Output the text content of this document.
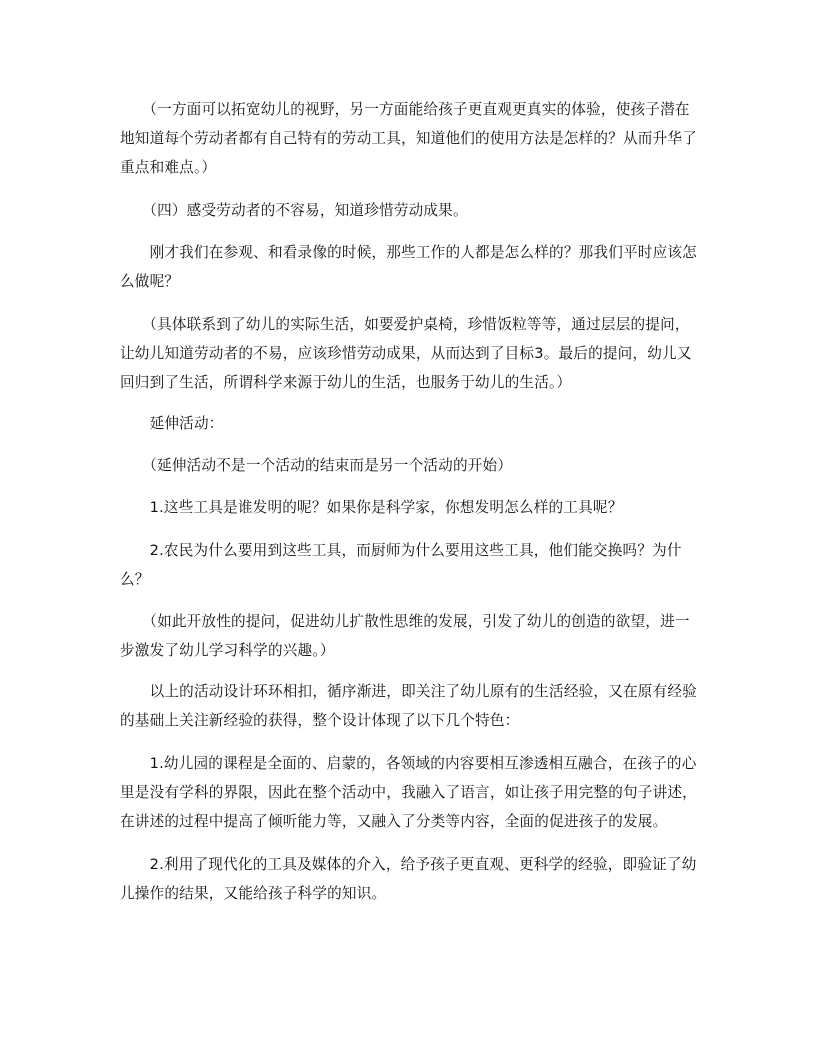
　　（一方面可以拓宽幼儿的视野，另一方面能给孩子更直观更真实的体验，使孩子潜在地知道每个劳动者都有自己特有的劳动工具，知道他们的使用方法是怎样的？从而升华了重点和难点。）

　　（四）感受劳动者的不容易，知道珍惜劳动成果。

　　刚才我们在参观、和看录像的时候，那些工作的人都是怎么样的？那我们平时应该怎么做呢？

　　（具体联系到了幼儿的实际生活，如要爱护桌椅，珍惜饭粒等等，通过层层的提问，让幼儿知道劳动者的不易，应该珍惜劳动成果，从而达到了目标3。最后的提问，幼儿又回归到了生活，所谓科学来源于幼儿的生活，也服务于幼儿的生活。）

　　延伸活动：

　　（延伸活动不是一个活动的结束而是另一个活动的开始）

　　1.这些工具是谁发明的呢？如果你是科学家，你想发明怎么样的工具呢？

　　2.农民为什么要用到这些工具，而厨师为什么要用这些工具，他们能交换吗？为什么？

　　（如此开放性的提问，促进幼儿扩散性思维的发展，引发了幼儿的创造的欲望，进一步激发了幼儿学习科学的兴趣。）

　　以上的活动设计环环相扣，循序渐进，即关注了幼儿原有的生活经验，又在原有经验的基础上关注新经验的获得，整个设计体现了以下几个特色：

　　1.幼儿园的课程是全面的、启蒙的，各领域的内容要相互渗透相互融合，在孩子的心里是没有学科的界限，因此在整个活动中，我融入了语言，如让孩子用完整的句子讲述，在讲述的过程中提高了倾听能力等，又融入了分类等内容，全面的促进孩子的发展。

　　2.利用了现代化的工具及媒体的介入，给予孩子更直观、更科学的经验，即验证了幼儿操作的结果，又能给孩子科学的知识。
